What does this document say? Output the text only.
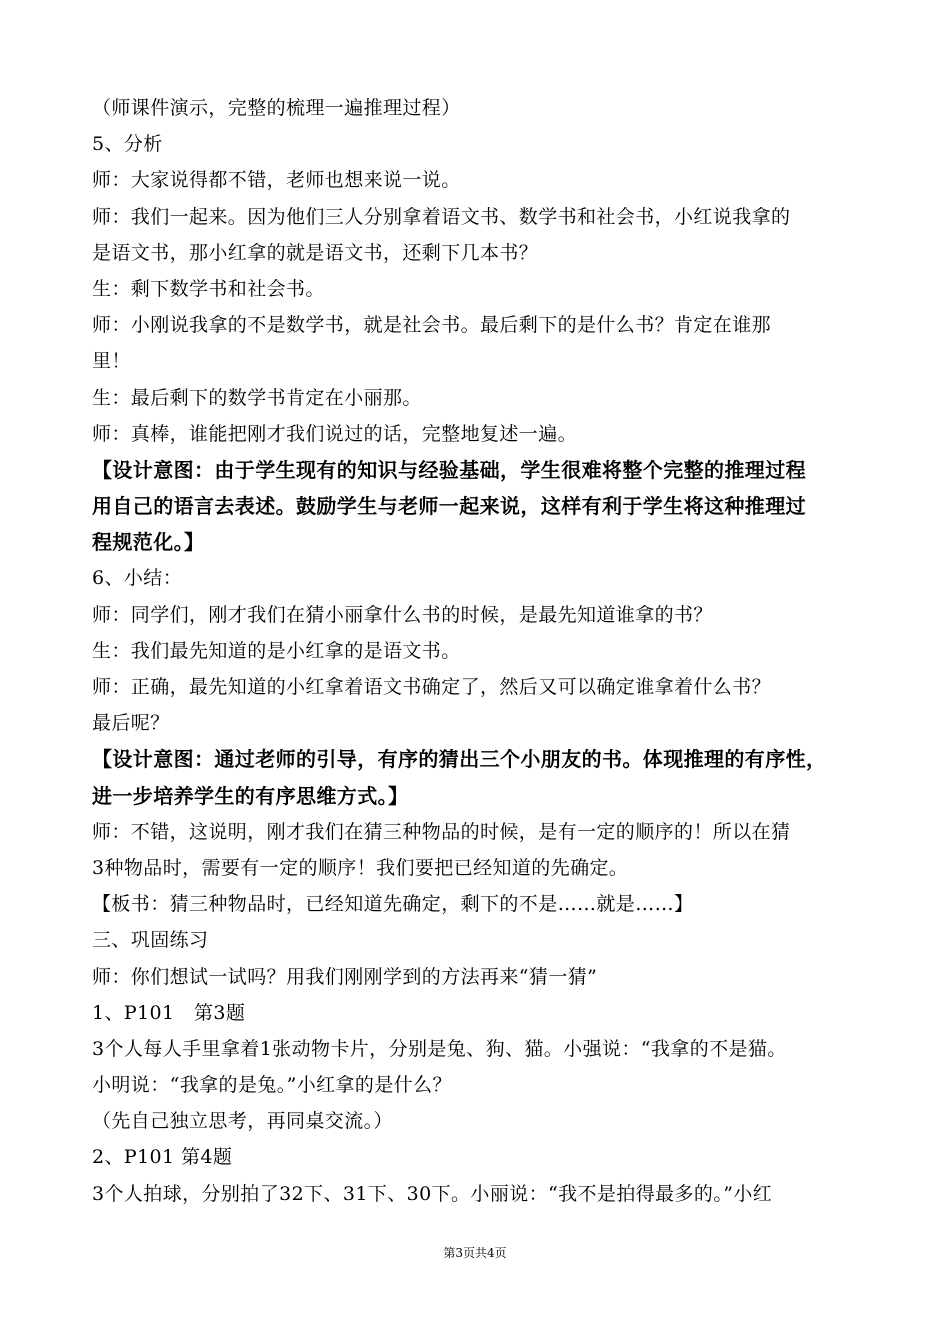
（师课件演示，完整的梳理一遍推理过程）
5、分析
师：大家说得都不错，老师也想来说一说。
师：我们一起来。因为他们三人分别拿着语文书、数学书和社会书，小红说我拿的
是语文书，那小红拿的就是语文书，还剩下几本书？
生：剩下数学书和社会书。
师：小刚说我拿的不是数学书，就是社会书。最后剩下的是什么书？肯定在谁那
里！
生：最后剩下的数学书肯定在小丽那。
师：真棒，谁能把刚才我们说过的话，完整地复述一遍。
【设计意图：由于学生现有的知识与经验基础，学生很难将整个完整的推理过程
用自己的语言去表述。鼓励学生与老师一起来说，这样有利于学生将这种推理过
程规范化。】
6、小结：
师：同学们，刚才我们在猜小丽拿什么书的时候，是最先知道谁拿的书？
生：我们最先知道的是小红拿的是语文书。
师：正确，最先知道的小红拿着语文书确定了，然后又可以确定谁拿着什么书？
最后呢？
【设计意图：通过老师的引导，有序的猜出三个小朋友的书。体现推理的有序性，
进一步培养学生的有序思维方式。】
师：不错，这说明，刚才我们在猜三种物品的时候，是有一定的顺序的！所以在猜
3种物品时，需要有一定的顺序！我们要把已经知道的先确定。
【板书：猜三种物品时，已经知道先确定，剩下的不是……就是……】
三、巩固练习
师：你们想试一试吗？用我们刚刚学到的方法再来“猜一猜”
1、P101　第3题
3个人每人手里拿着1张动物卡片，分别是兔、狗、猫。小强说：“我拿的不是猫。
小明说：“我拿的是兔。”小红拿的是什么？
（先自己独立思考，再同桌交流。）
2、P101 第4题
3个人拍球，分别拍了32下、31下、30下。小丽说：“我不是拍得最多的。”小红
第3页共4页
